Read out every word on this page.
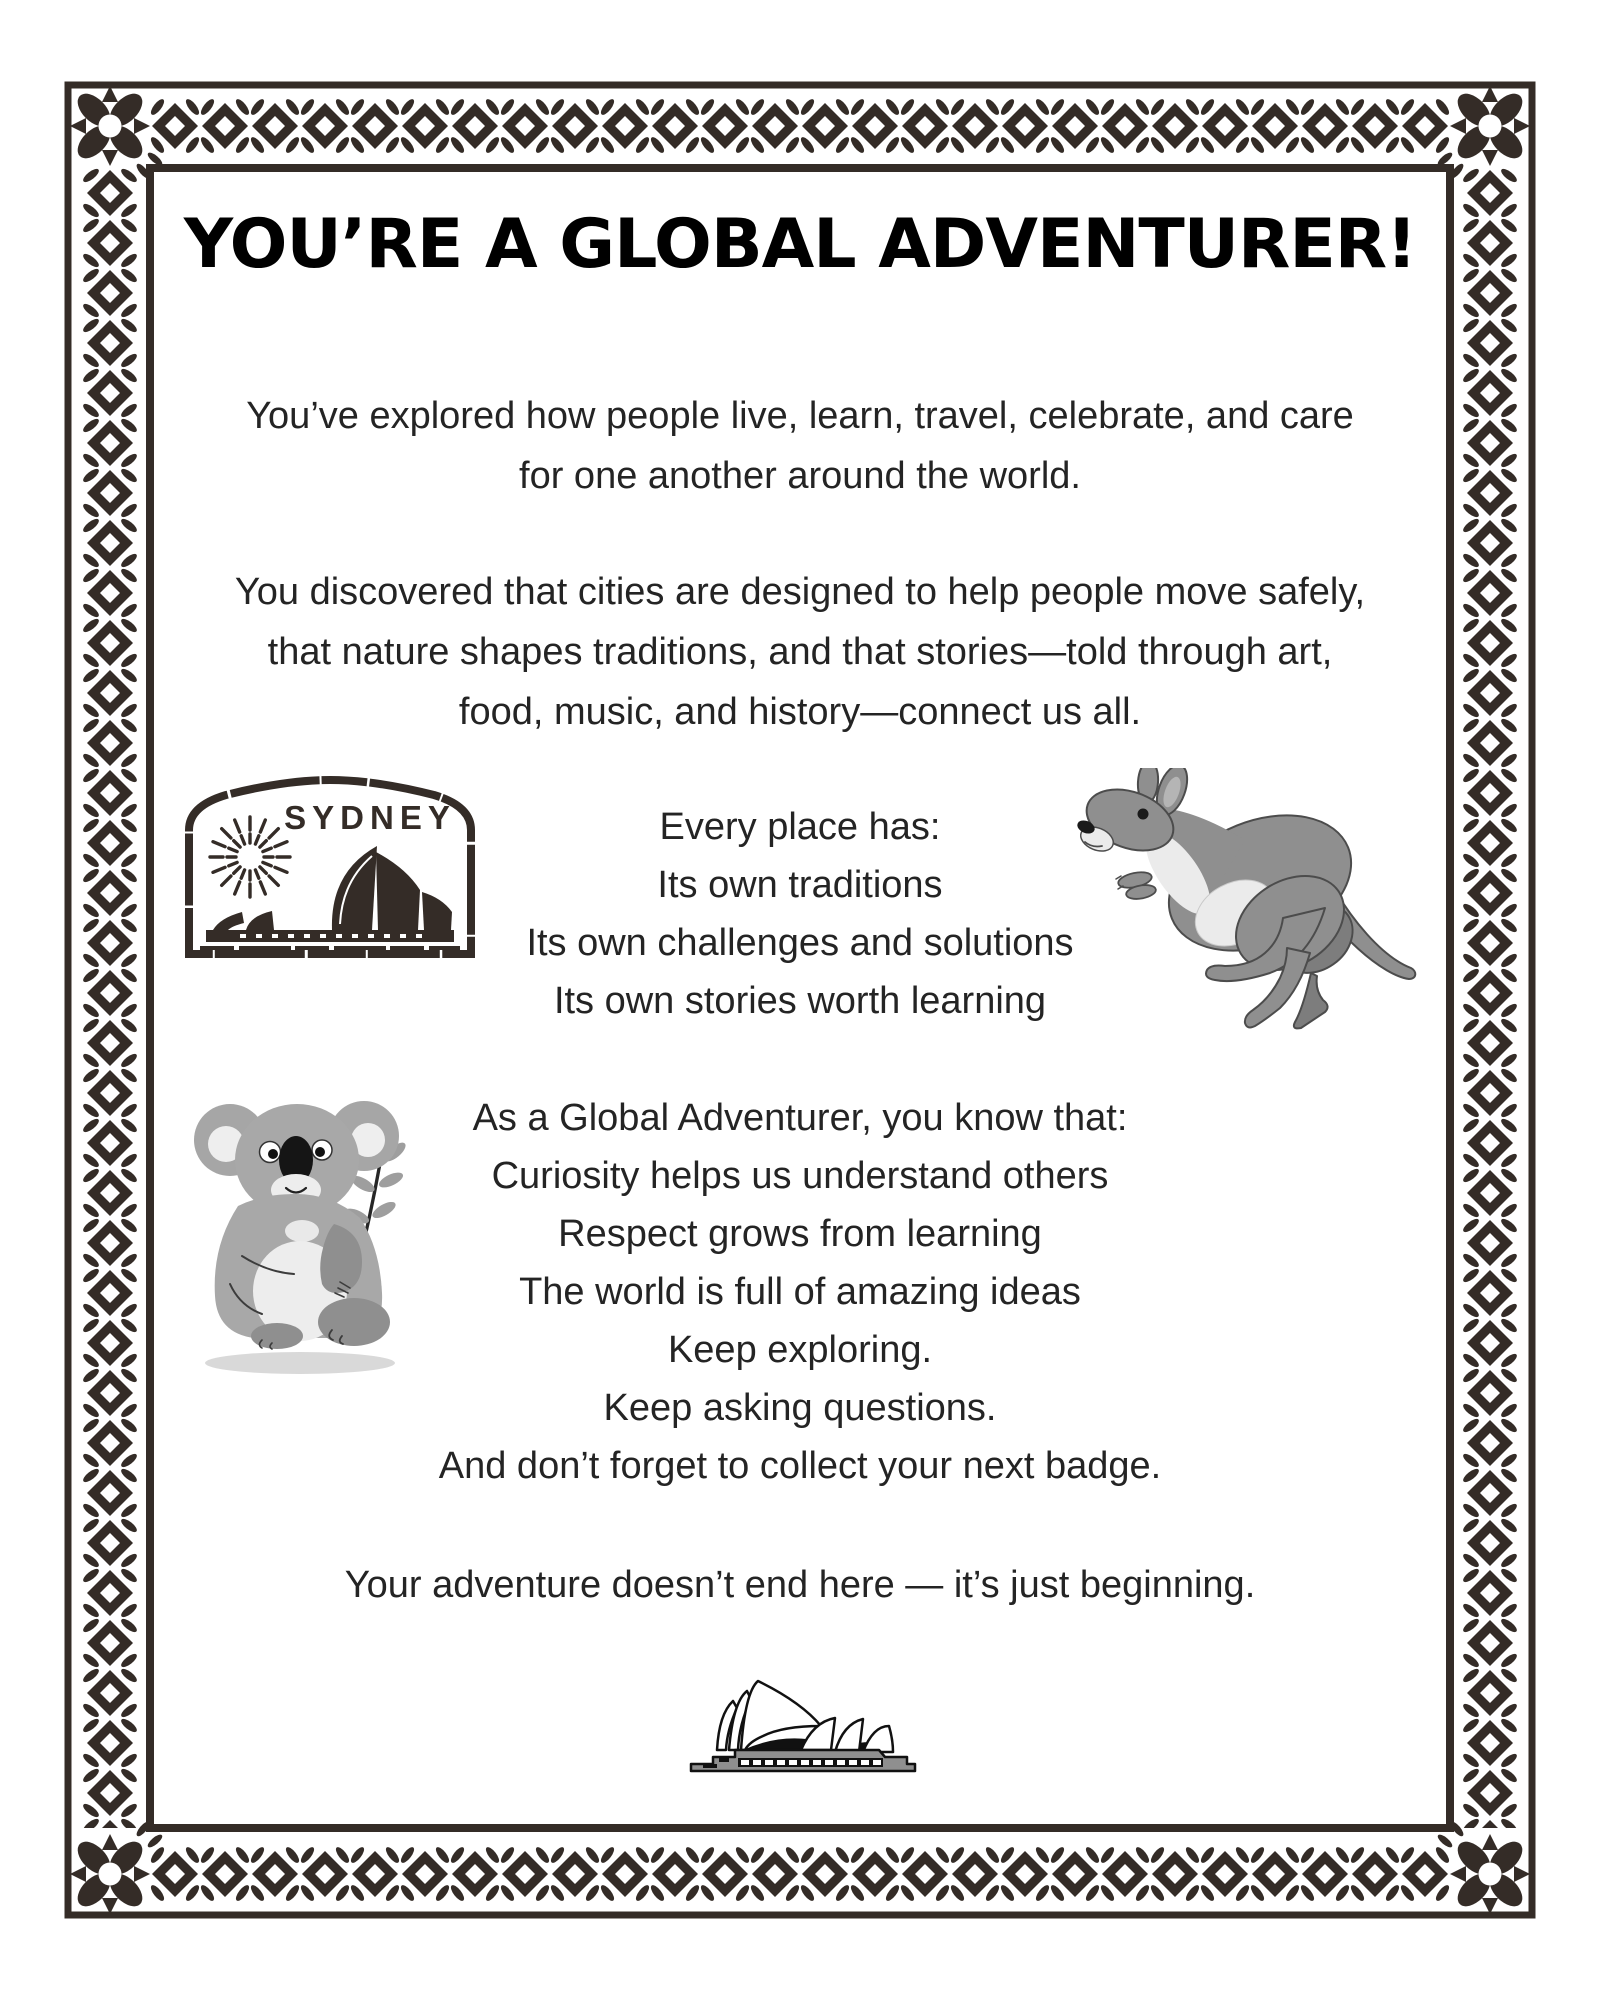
YOU’RE A GLOBAL ADVENTURER!
You’ve explored how people live, learn, travel, celebrate, and care
for one another around the world.
You discovered that cities are designed to help people move safely,
that nature shapes traditions, and that stories—told through art,
food, music, and history—connect us all.
Every place has:
Its own traditions
Its own challenges and solutions
Its own stories worth learning
As a Global Adventurer, you know that:
Curiosity helps us understand others
Respect grows from learning
The world is full of amazing ideas
Keep exploring.
Keep asking questions.
And don’t forget to collect your next badge.
Your adventure doesn’t end here — it’s just beginning.
SYDNEY
